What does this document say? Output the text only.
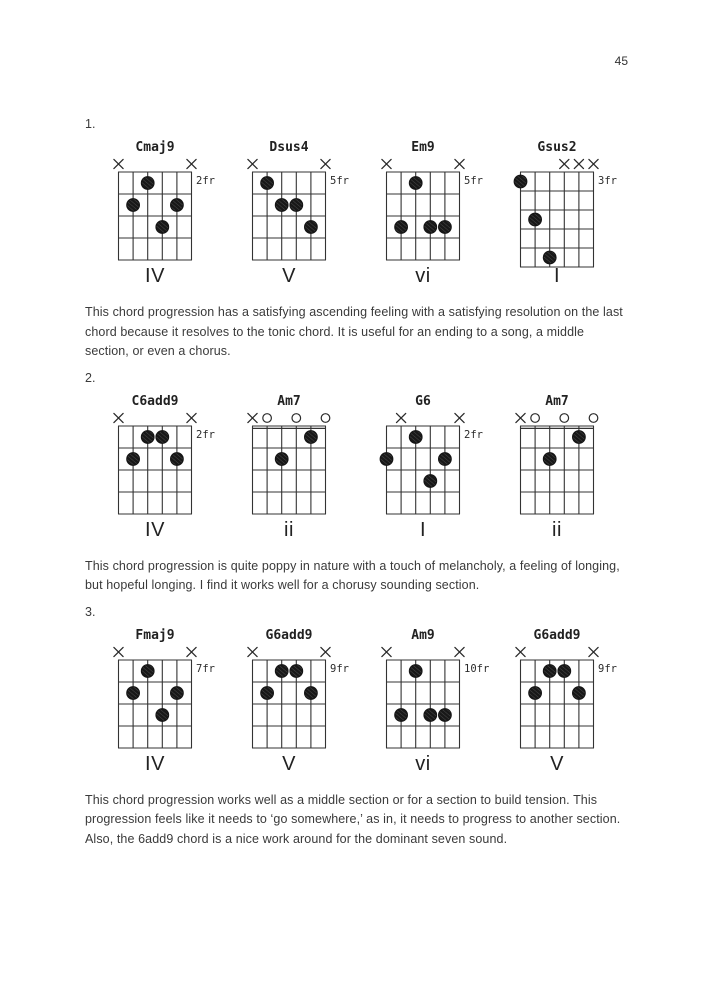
45
1.
Cmaj9
2fr
IV
Dsus4
5fr
V
Em9
5fr
vi
Gsus2
3fr
I

This chord progression has a satisfying ascending feeling with a satisfying resolution on the last chord because it resolves to the tonic chord. It is useful for an ending to a song, a middle section, or even a chorus.

2.
C6add9
2fr
IV
Am7
ii
G6
2fr
I
Am7
ii

This chord progression is quite poppy in nature with a touch of melancholy, a feeling of longing, but hopeful longing. I find it works well for a chorusy sounding section.

3.
Fmaj9
7fr
IV
G6add9
9fr
V
Am9
10fr
vi
G6add9
9fr
V

This chord progression works well as a middle section or for a section to build tension. This progression feels like it needs to ‘go somewhere,’ as in, it needs to progress to another section. Also, the 6add9 chord is a nice work around for the dominant seven sound.
